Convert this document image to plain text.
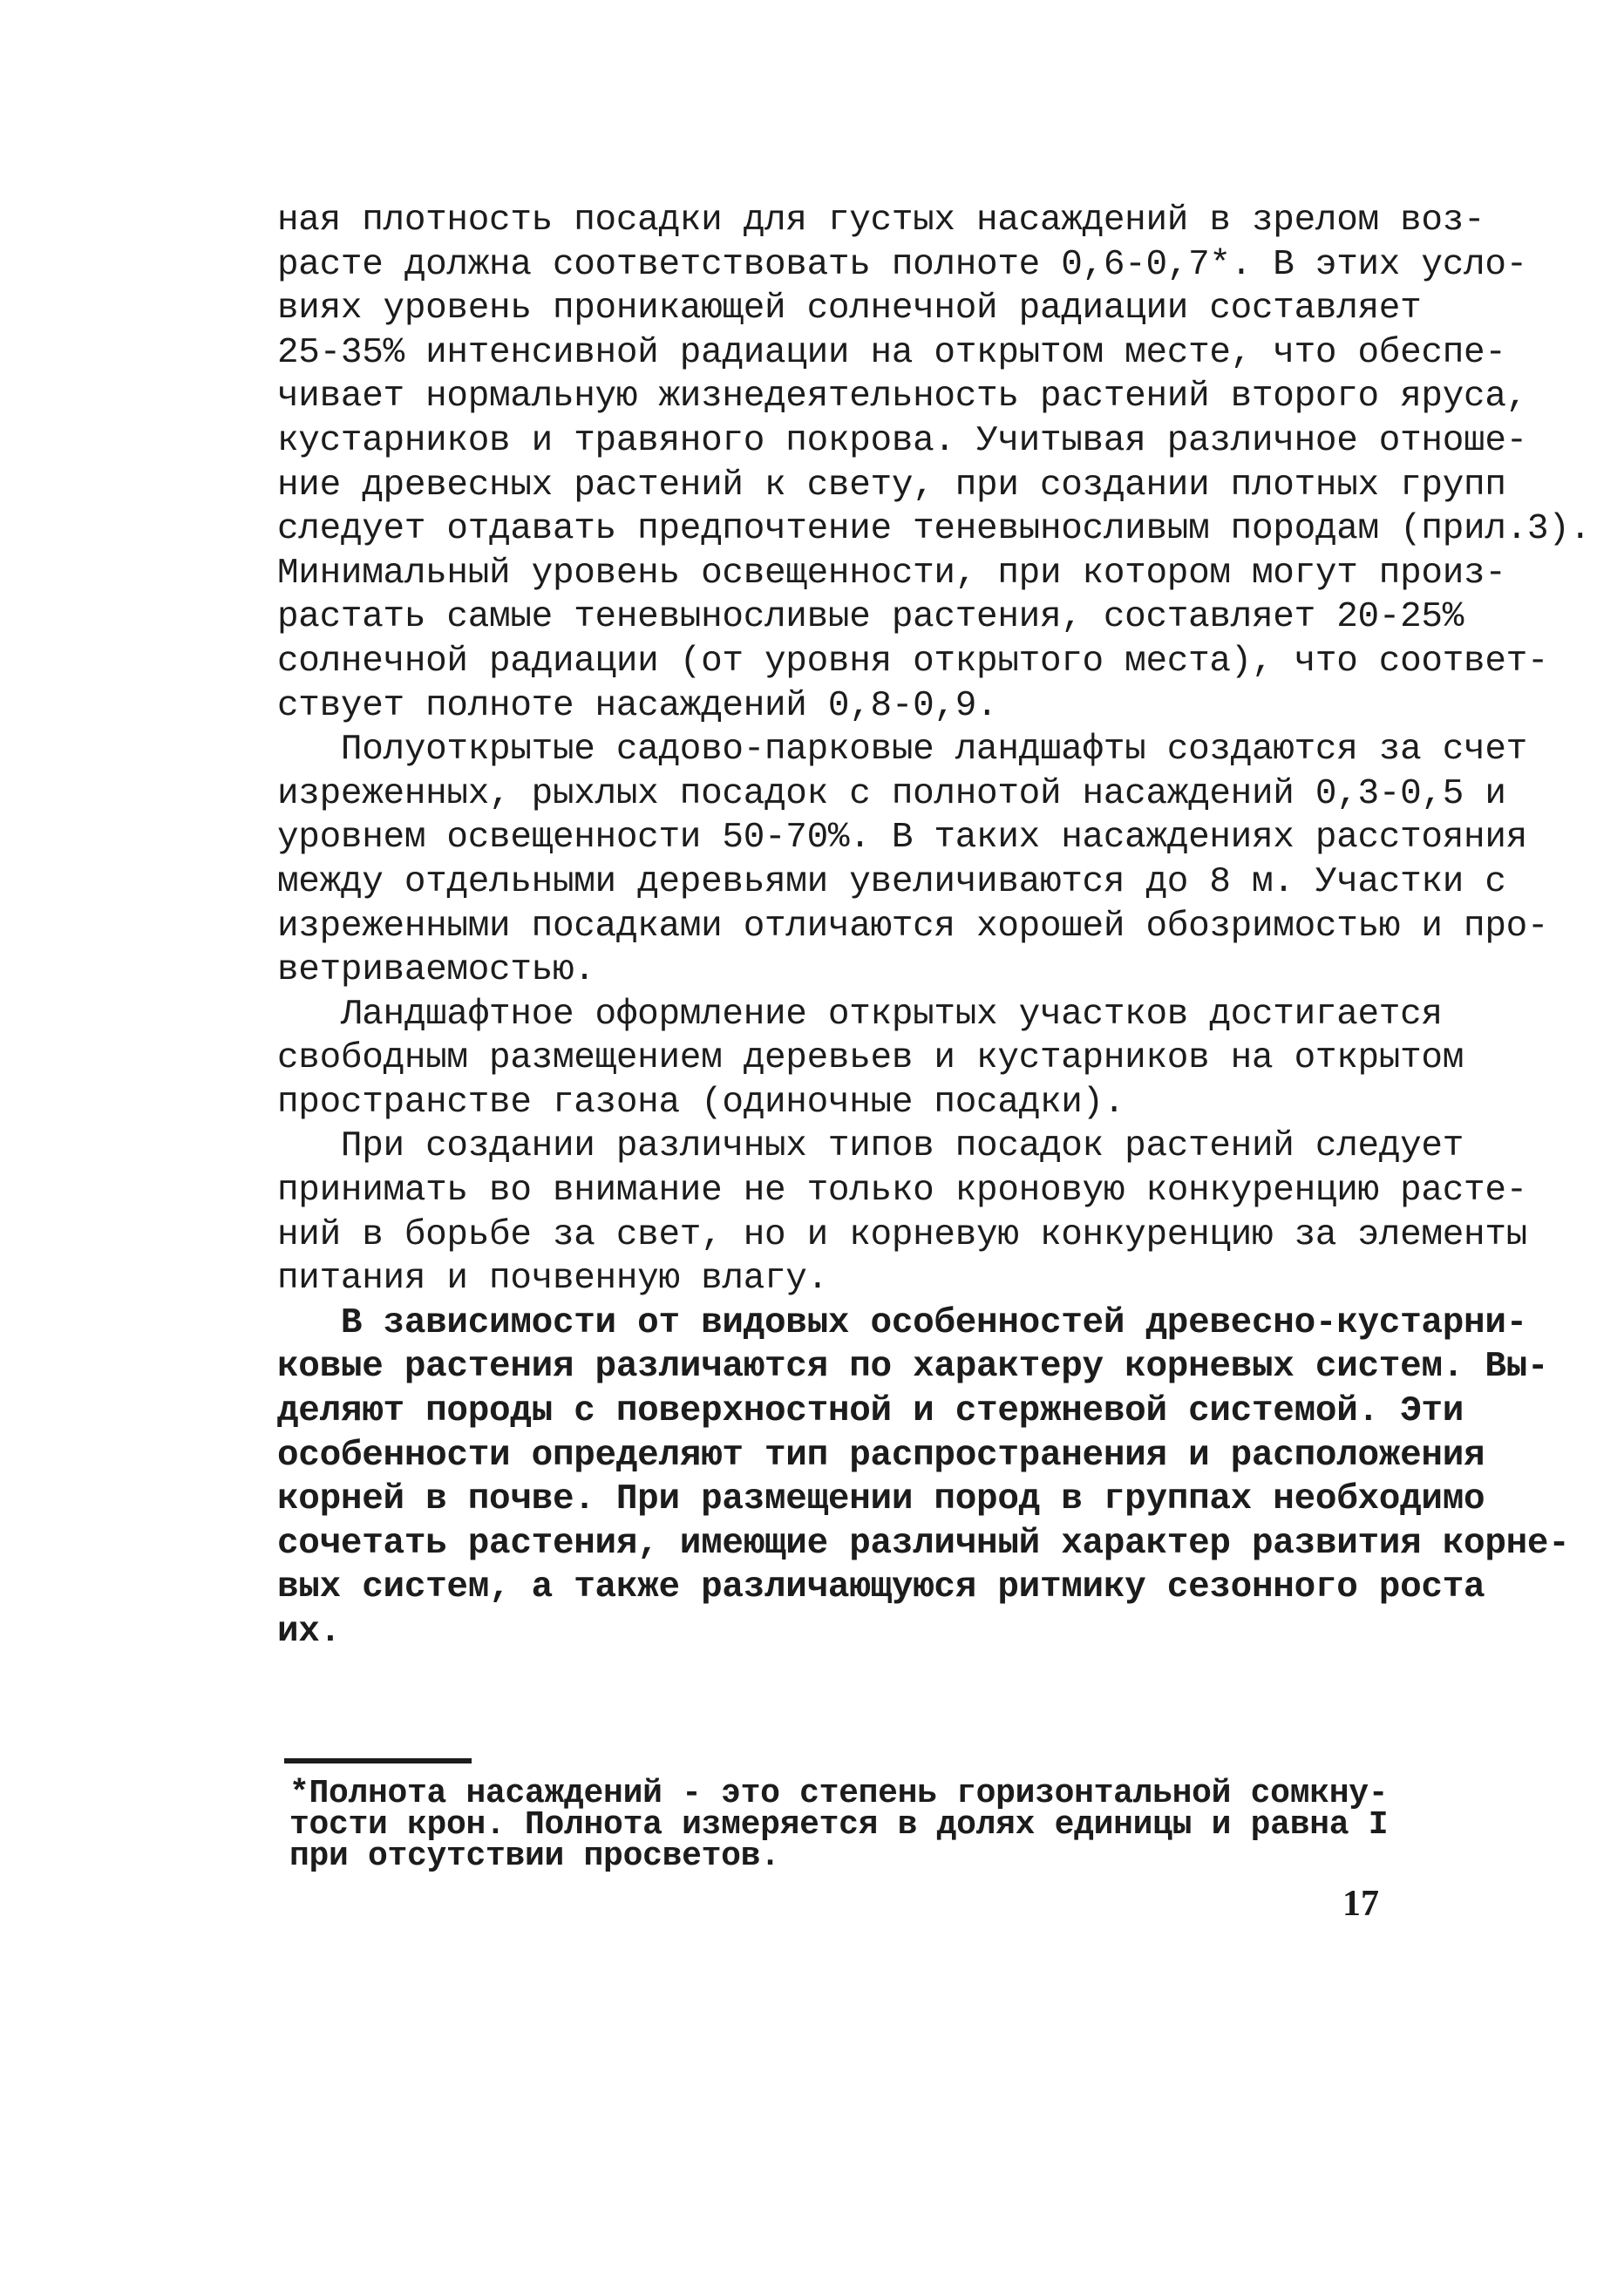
ная плотность посадки для густых насаждений в зрелом воз-
расте должна соответствовать полноте 0,6-0,7*. В этих усло-
виях уровень проникающей солнечной радиации составляет
25-35% интенсивной радиации на открытом месте, что обеспе-
чивает нормальную жизнедеятельность растений второго яруса,
кустарников и травяного покрова. Учитывая различное отноше-
ние древесных растений к свету, при создании плотных групп
следует отдавать предпочтение теневыносливым породам (прил.3).
Минимальный уровень освещенности, при котором могут произ-
растать самые теневыносливые растения, составляет 20-25%
солнечной радиации (от уровня открытого места), что соответ-
ствует полноте насаждений 0,8-0,9.
Полуоткрытые садово-парковые ландшафты создаются за счет
изреженных, рыхлых посадок с полнотой насаждений 0,3-0,5 и
уровнем освещенности 50-70%. В таких насаждениях расстояния
между отдельными деревьями увеличиваются до 8 м. Участки с
изреженными посадками отличаются хорошей обозримостью и про-
ветриваемостью.
Ландшафтное оформление открытых участков достигается
свободным размещением деревьев и кустарников на открытом
пространстве газона (одиночные посадки).
При создании различных типов посадок растений следует
принимать во внимание не только кроновую конкуренцию расте-
ний в борьбе за свет, но и корневую конкуренцию за элементы
питания и почвенную влагу.
В зависимости от видовых особенностей древесно-кустарни-
ковые растения различаются по характеру корневых систем. Вы-
деляют породы с поверхностной и стержневой системой. Эти
особенности определяют тип распространения и расположения
корней в почве. При размещении пород в группах необходимо
сочетать растения, имеющие различный характер развития корне-
вых систем, а также различающуюся ритмику сезонного роста
их.
*Полнота насаждений - это степень горизонтальной сомкну-
тости крон. Полнота измеряется в долях единицы и равна I
при отсутствии просветов.
17
